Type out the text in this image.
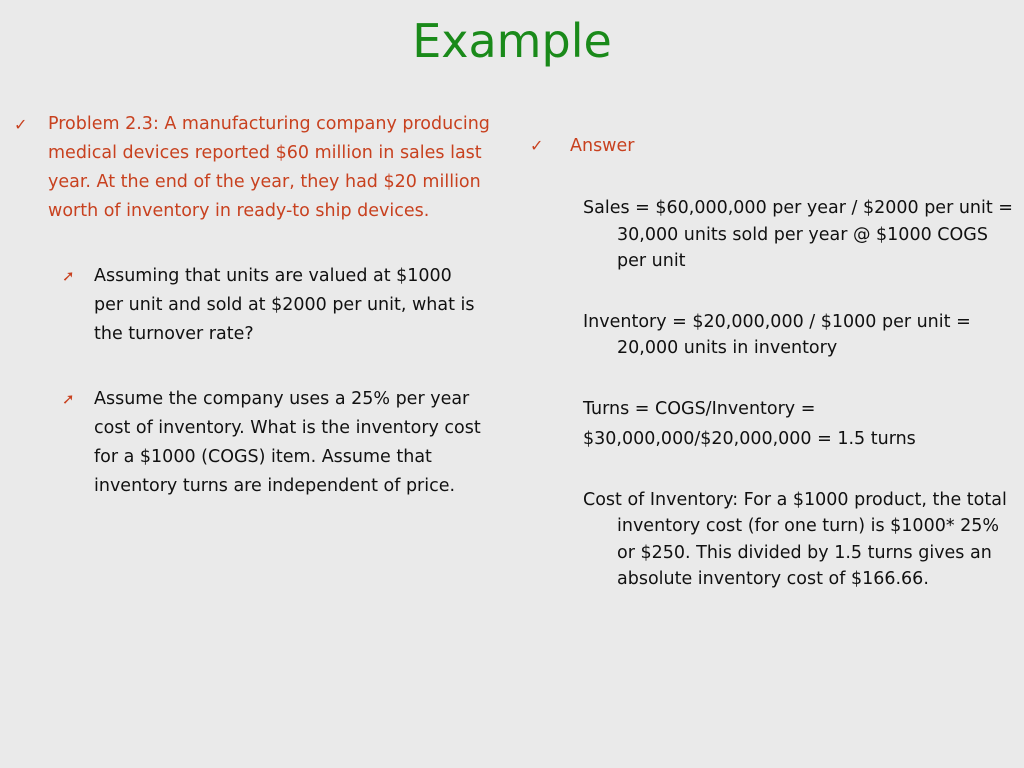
Example
✓	Problem 2.3: A manufacturing company producing medical devices reported $60 million in sales last year. At the end of the year, they had $20 million worth of inventory in ready-to ship devices.
➚	Assuming that units are valued at $1000 per unit and sold at $2000 per unit, what is the turnover rate?
➚	Assume the company uses a 25% per year cost of inventory. What is the inventory cost for a $1000 (COGS) item. Assume that inventory turns are independent of price.
✓	Answer
Sales = $60,000,000 per year / $2000 per unit = 30,000 units sold per year @ $1000 COGS per unit
Inventory = $20,000,000 / $1000 per unit = 20,000 units in inventory
Turns = COGS/Inventory =
$30,000,000/$20,000,000 = 1.5 turns
Cost of Inventory: For a $1000 product, the total inventory cost (for one turn) is $1000* 25% or $250. This divided by 1.5 turns gives an absolute inventory cost of $166.66.
